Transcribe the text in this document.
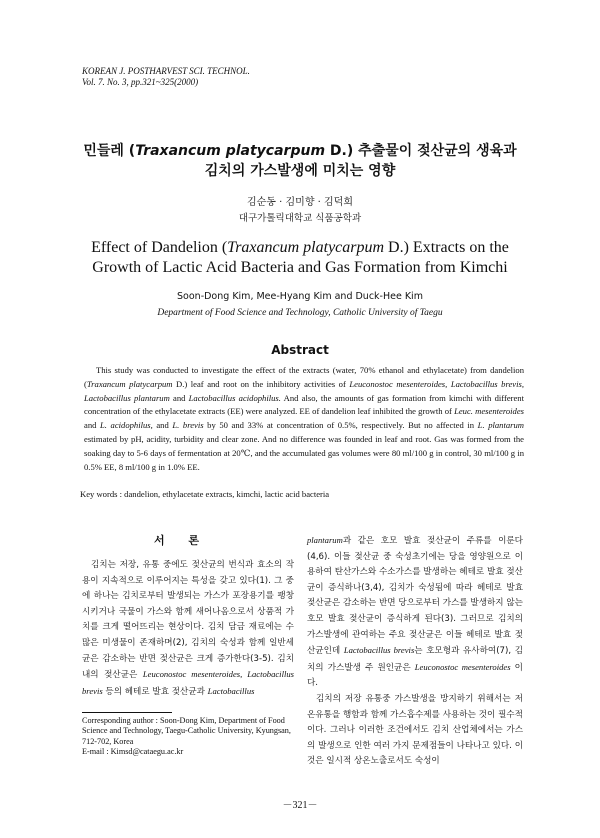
KOREAN J. POSTHARVEST SCI. TECHNOL.
Vol. 7. No. 3, pp.321~325(2000)
민들레 (Traxancum platycarpum D.) 추출물이 젖산균의 생육과
김치의 가스발생에 미치는 영향
김순동 · 김미향 · 김덕희
대구가톨릭대학교 식품공학과
Effect of Dandelion (Traxancum platycarpum D.) Extracts on the
Growth of Lactic Acid Bacteria and Gas Formation from Kimchi
Soon-Dong Kim, Mee-Hyang Kim and Duck-Hee Kim
Department of Food Science and Technology, Catholic University of Taegu
Abstract

This study was conducted to investigate the effect of the extracts (water, 70% ethanol and ethylacetate) from dandelion (Traxancum platycarpum D.) leaf and root on the inhibitory activities of Leuconostoc mesenteroides, Lactobacillus brevis, Lactobacillus plantarum and Lactobacillus acidophilus. And also, the amounts of gas formation from kimchi with different concentration of the ethylacetate extracts (EE) were analyzed. EE of dandelion leaf inhibited the growth of Leuc. mesenteroides and L. acidophilus, and L. brevis by 50 and 33% at concentration of 0.5%, respectively. But no affected in L. plantarum estimated by pH, acidity, turbidity and clear zone. And no difference was founded in leaf and root. Gas was formed from the soaking day to 5-6 days of fermentation at 20℃, and the accumulated gas volumes were 80 ml/100 g in control, 30 ml/100 g in 0.5% EE, 8 ml/100 g in 1.0% EE.

Key words : dandelion, ethylacetate extracts, kimchi, lactic acid bacteria
서 론

김치는 저장, 유통 중에도 젖산균의 번식과 효소의 작용이 지속적으로 이루어지는 특성을 갖고 있다(1). 그 중에 하나는 김치로부터 발생되는 가스가 포장용기를 팽창시키거나 국물이 가스와 함께 새어나옴으로서 상품적 가치를 크게 떨어뜨리는 현상이다. 김치 담금 재료에는 수많은 미생물이 존재하며(2), 김치의 숙성과 함께 일반세균은 감소하는 반면 젖산균은 크게 증가한다(3-5). 김치내의 젖산균은 Leuconostoc mesenteroides, Lactobacillus brevis 등의 헤테로 발효 젖산균과 Lactobacillus

plantarum과 같은 호모 발효 젖산균이 주류를 이룬다(4,6). 이들 젖산균 중 숙성초기에는 당을 영양원으로 이용하여 탄산가스와 수소가스를 발생하는 헤테로 발효 젖산균이 증식하나(3,4), 김치가 숙성됨에 따라 헤테로 발효 젖산균은 감소하는 반면 당으로부터 가스를 발생하지 않는 호모 발효 젖산균이 증식하게 된다(3). 그러므로 김치의 가스발생에 관여하는 주요 젖산균은 이들 헤테로 발효 젖산균인데 Lactobacillus brevis는 호모형과 유사하여(7), 김치의 가스발생 주 원인균은 Leuconostoc mesenteroides 이다.

김치의 저장 유통중 가스발생을 방지하기 위해서는 저온유통을 행함과 함께 가스흡수제를 사용하는 것이 필수적이다. 그러나 이러한 조건에서도 김치 산업체에서는 가스의 발생으로 인한 여러 가지 문제점들이 나타나고 있다. 이것은 일시적 상온노출로서도 숙성이

Corresponding author : Soon-Dong Kim, Department of Food Science and Technology, Taegu-Catholic University, Kyungsan, 712-702, Korea
E-mail : Kimsd@cataegu.ac.kr
－321－
